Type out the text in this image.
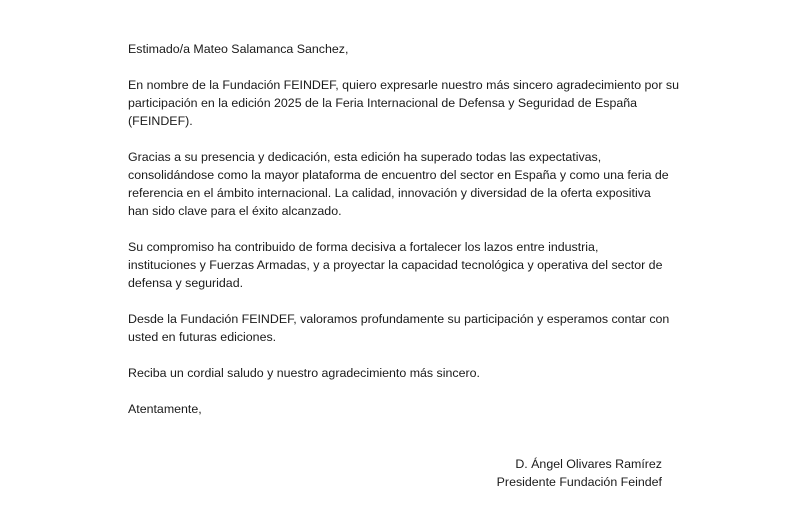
Estimado/a Mateo Salamanca Sanchez,

En nombre de la Fundación FEINDEF, quiero expresarle nuestro más sincero agradecimiento por su
participación en la edición 2025 de la Feria Internacional de Defensa y Seguridad de España
(FEINDEF).

Gracias a su presencia y dedicación, esta edición ha superado todas las expectativas,
consolidándose como la mayor plataforma de encuentro del sector en España y como una feria de
referencia en el ámbito internacional. La calidad, innovación y diversidad de la oferta expositiva
han sido clave para el éxito alcanzado.

Su compromiso ha contribuido de forma decisiva a fortalecer los lazos entre industria,
instituciones y Fuerzas Armadas, y a proyectar la capacidad tecnológica y operativa del sector de
defensa y seguridad.

Desde la Fundación FEINDEF, valoramos profundamente su participación y esperamos contar con
usted en futuras ediciones.

Reciba un cordial saludo y nuestro agradecimiento más sincero.

Atentamente,

D. Ángel Olivares Ramírez
Presidente Fundación Feindef
